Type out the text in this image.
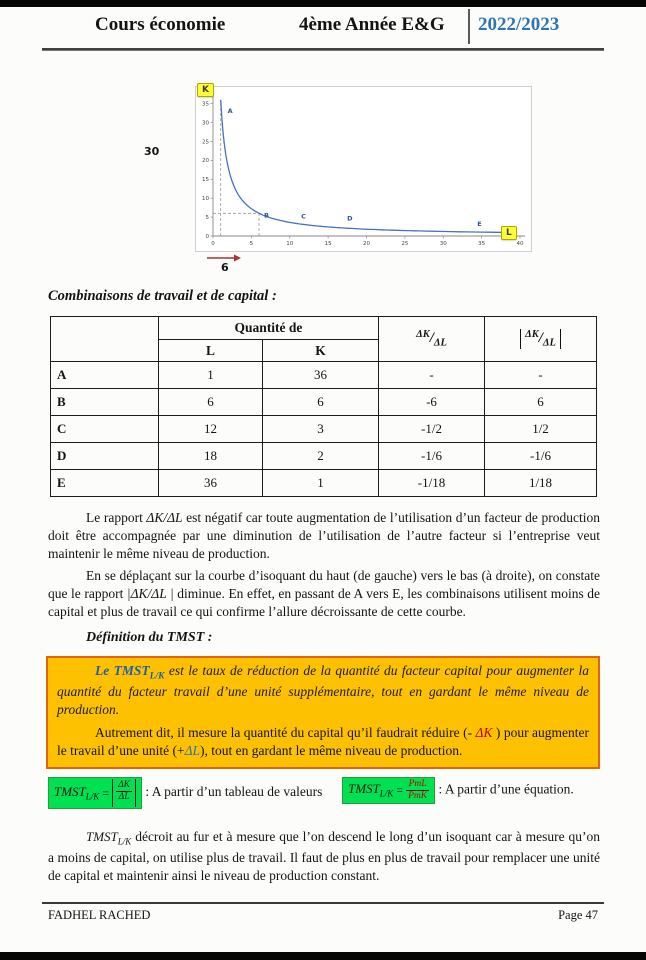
Cours économie	4ème Année E&G 2022/2023
0
5
10
15
20
25
30
35
0	5	10	15	20	25	30	35	40
A
B	C	D
E
K
L
30
6
Combinaisons de travail et de capital :
	Quantité de		$^{\Delta K}/_{\Delta L}$	$^{\Delta K}/_{\Delta L}$
	L	K		
A	1	36	-	-
B	6	6	-6	6
C	12	3	-1/2	1/2
D	18	2	-1/6	-1/6
E	36	1	-1/18	1/18

Le rapport ΔK/ΔL est négatif car toute augmentation de l’utilisation d’un facteur de production doit être accompagnée par une diminution de l’utilisation de l’autre facteur si l’entreprise veut maintenir le même niveau de production.

En se déplaçant sur la courbe d’isoquant du haut (de gauche) vers le bas (à droite), on constate que le rapport |ΔK/ΔL | diminue. En effet, en passant de A vers E, les combinaisons utilisent moins de capital et plus de travail ce qui confirme l’allure décroissante de cette courbe.

Définition du TMST :

Le $TMST_{L/K}$ est le taux de réduction de la quantité du facteur capital pour augmenter la quantité du facteur travail d’une unité supplémentaire, tout en gardant le même niveau de production.

Autrement dit, il mesure la quantité du capital qu’il faudrait réduire (- ΔK ) pour augmenter le travail d’une unité (+ΔL), tout en gardant le même niveau de production.

$TMST_{L/K} = \frac{\Delta K}{\Delta L}$ : A partir d’un tableau de valeurs $TMST_{L/K} = \frac{\text{PmL}}{\text{PmK}}$ : A partir d’une équation.

$TMST_{L/K}$ décroit au fur et à mesure que l’on descend le long d’un isoquant car à mesure qu’on a moins de capital, on utilise plus de travail. Il faut de plus en plus de travail pour remplacer une unité de capital et maintenir ainsi le niveau de production constant.

FADHEL RACHED	Page 47
